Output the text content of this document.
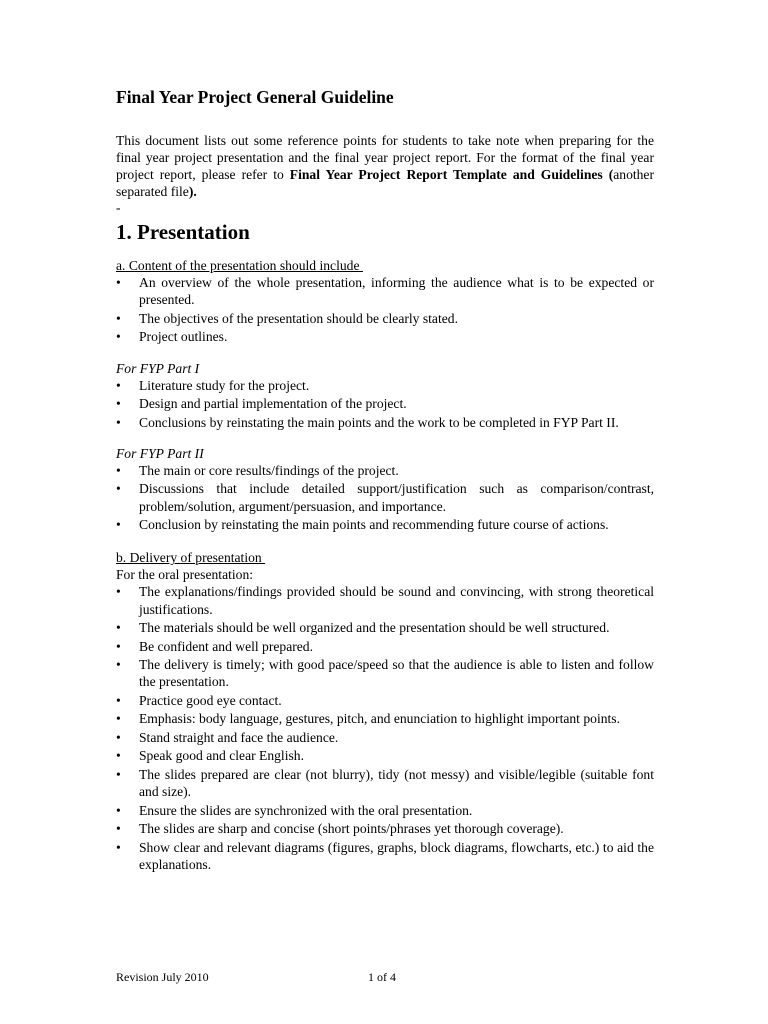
Final Year Project General Guideline

This document lists out some reference points for students to take note when preparing for the final year project presentation and the final year project report. For the format of the final year project report, please refer to Final Year Project Report Template and Guidelines (another separated file).

-
1. Presentation

a. Content of the presentation should include

• An overview of the whole presentation, informing the audience what is to be expected or presented.
• The objectives of the presentation should be clearly stated.
• Project outlines.

For FYP Part I

• Literature study for the project.
• Design and partial implementation of the project.
• Conclusions by reinstating the main points and the work to be completed in FYP Part II.

For FYP Part II

• The main or core results/findings of the project.
• Discussions that include detailed support/justification such as comparison/contrast, problem/solution, argument/persuasion, and importance.
• Conclusion by reinstating the main points and recommending future course of actions.

b. Delivery of presentation

For the oral presentation:

• The explanations/findings provided should be sound and convincing, with strong theoretical justifications.
• The materials should be well organized and the presentation should be well structured.
• Be confident and well prepared.
• The delivery is timely; with good pace/speed so that the audience is able to listen and follow the presentation.
• Practice good eye contact.
• Emphasis: body language, gestures, pitch, and enunciation to highlight important points.
• Stand straight and face the audience.
• Speak good and clear English.
• The slides prepared are clear (not blurry), tidy (not messy) and visible/legible (suitable font and size).
• Ensure the slides are synchronized with the oral presentation.
• The slides are sharp and concise (short points/phrases yet thorough coverage).
• Show clear and relevant diagrams (figures, graphs, block diagrams, flowcharts, etc.) to aid the explanations.
Revision July 2010	1 of 4
